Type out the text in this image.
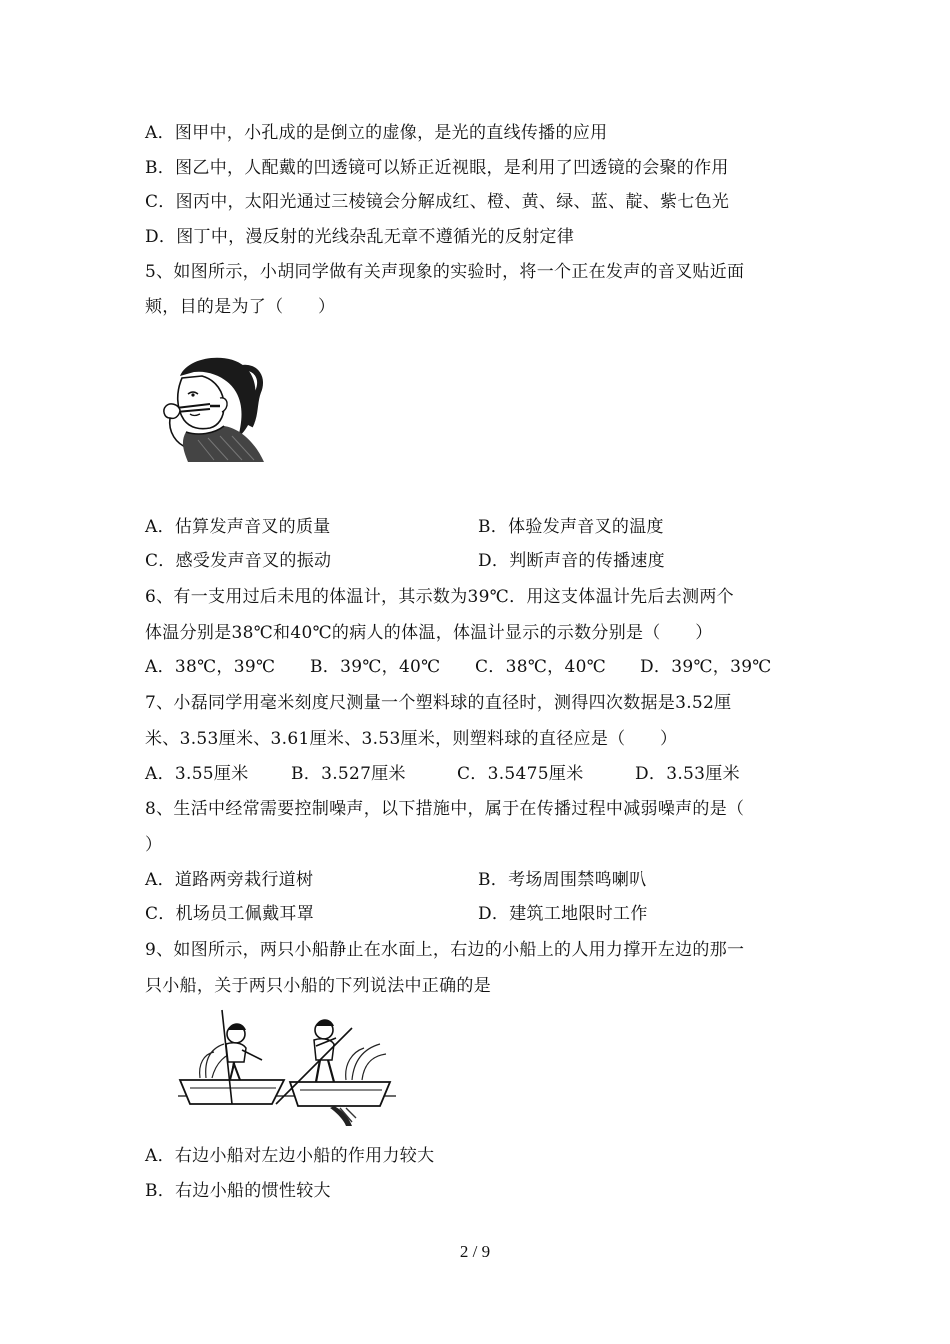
A．图甲中，小孔成的是倒立的虚像，是光的直线传播的应用
B．图乙中，人配戴的凹透镜可以矫正近视眼，是利用了凹透镜的会聚的作用
C．图丙中，太阳光通过三棱镜会分解成红、橙、黄、绿、蓝、靛、紫七色光
D．图丁中，漫反射的光线杂乱无章不遵循光的反射定律
5、如图所示，小胡同学做有关声现象的实验时，将一个正在发声的音叉贴近面
颊，目的是为了（　　）
A．估算发声音叉的质量	B．体验发声音叉的温度
C．感受发声音叉的振动	D．判断声音的传播速度
6、有一支用过后未甩的体温计，其示数为39℃．用这支体温计先后去测两个
体温分别是38℃和40℃的病人的体温，体温计显示的示数分别是（　　）
A．38℃，39℃ B．39℃，40℃ C．38℃，40℃ D．39℃，39℃
7、小磊同学用毫米刻度尺测量一个塑料球的直径时，测得四次数据是3.52厘
米、3.53厘米、3.61厘米、3.53厘米，则塑料球的直径应是（　　）
A．3.55厘米 B．3.527厘米	C．3.5475厘米	D．3.53厘米
8、生活中经常需要控制噪声，以下措施中，属于在传播过程中减弱噪声的是（
）
A．道路两旁栽行道树	B．考场周围禁鸣喇叭
C．机场员工佩戴耳罩	D．建筑工地限时工作
9、如图所示，两只小船静止在水面上，右边的小船上的人用力撑开左边的那一
只小船，关于两只小船的下列说法中正确的是
A．右边小船对左边小船的作用力较大
B．右边小船的惯性较大
2 / 9
